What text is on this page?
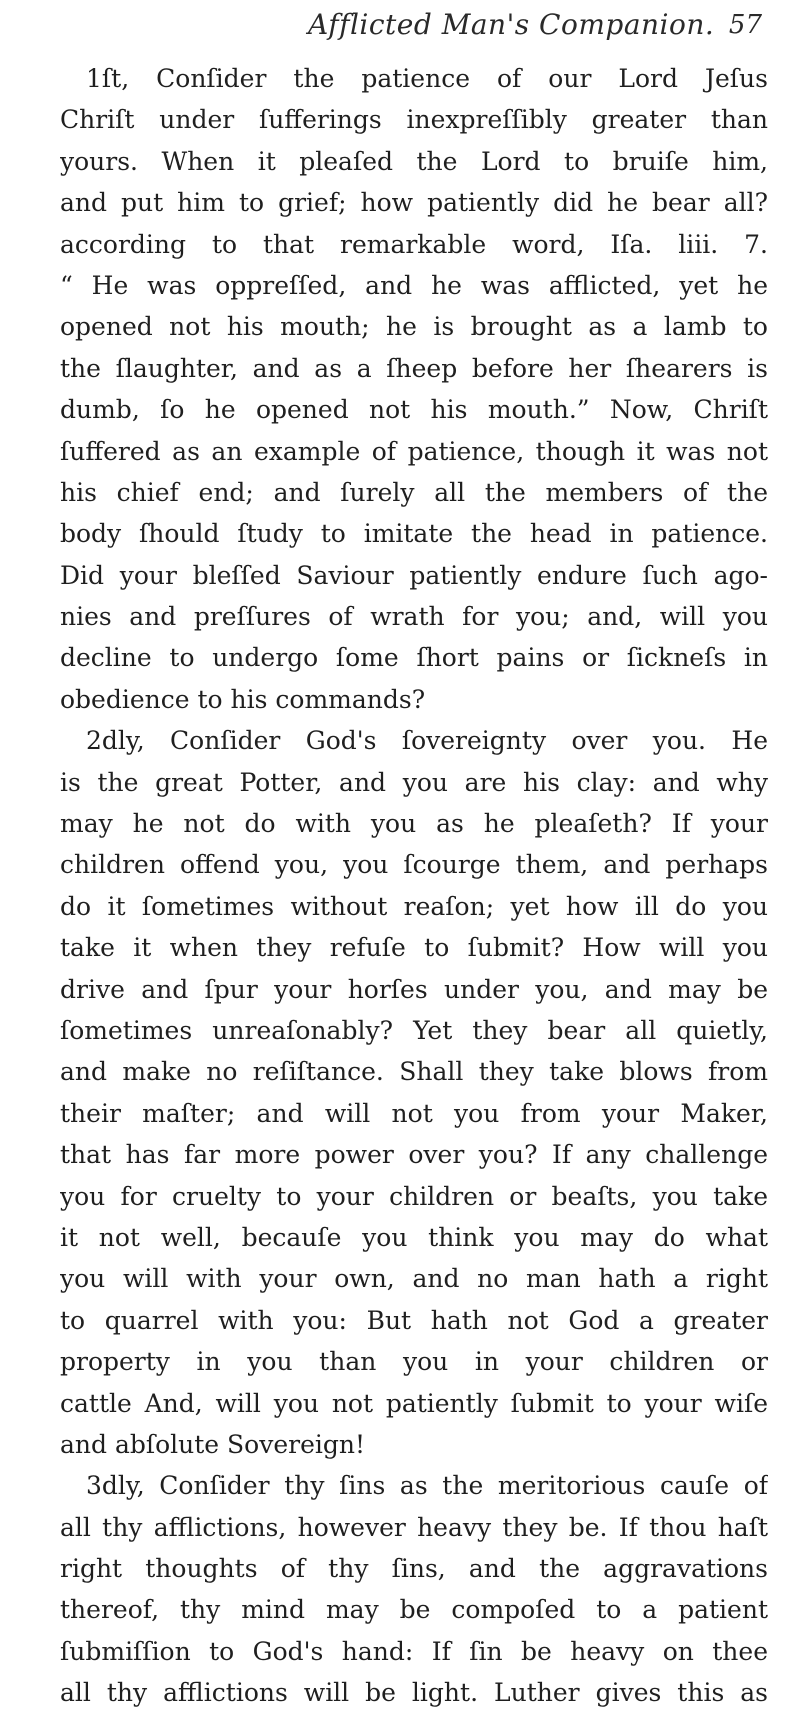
Afflicted Man's Companion. 57
1ſt, Conſider the patience of our Lord Jeſus
Chriſt under ſufferings inexpreſſibly greater than
yours. When it pleaſed the Lord to bruiſe him,
and put him to grief; how patiently did he bear all?
according to that remarkable word, Iſa. liii. 7.
“ He was oppreſſed, and he was afflicted, yet he
opened not his mouth; he is brought as a lamb to
the ſlaughter, and as a ſheep before her ſhearers is
dumb, ſo he opened not his mouth.” Now, Chriſt
ſuffered as an example of patience, though it was not
his chief end; and ſurely all the members of the
body ſhould ſtudy to imitate the head in patience.
Did your bleſſed Saviour patiently endure ſuch ago-
nies and preſſures of wrath for you; and, will you
decline to undergo ſome ſhort pains or ſickneſs in
obedience to his commands?
2dly, Conſider God's ſovereignty over you. He
is the great Potter, and you are his clay: and why
may he not do with you as he pleaſeth? If your
children offend you, you ſcourge them, and perhaps
do it ſometimes without reaſon; yet how ill do you
take it when they refuſe to ſubmit? How will you
drive and ſpur your horſes under you, and may be
ſometimes unreaſonably? Yet they bear all quietly,
and make no reſiſtance. Shall they take blows from
their maſter; and will not you from your Maker,
that has far more power over you? If any challenge
you for cruelty to your children or beaſts, you take
it not well, becauſe you think you may do what
you will with your own, and no man hath a right
to quarrel with you: But hath not God a greater
property in you than you in your children or
cattle And, will you not patiently ſubmit to your wiſe
and abſolute Sovereign!
3dly, Conſider thy ſins as the meritorious cauſe of
all thy afflictions, however heavy they be. If thou haſt
right thoughts of thy ſins, and the aggravations
thereof, thy mind may be compoſed to a patient
ſubmiſſion to God's hand: If ſin be heavy on thee
all thy afflictions will be light. Luther gives this as
